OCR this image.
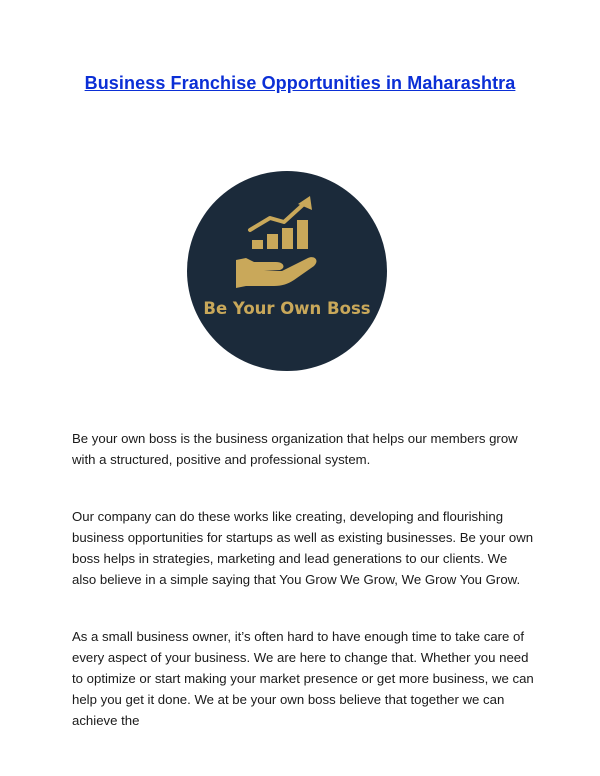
Business Franchise Opportunities in Maharashtra
Be Your Own Boss

Be your own boss is the business organization that helps our members grow with a structured, positive and professional system.

Our company can do these works like creating, developing and flourishing business opportunities for startups as well as existing businesses. Be your own boss helps in strategies, marketing and lead generations to our clients. We also believe in a simple saying that You Grow We Grow, We Grow You Grow.

As a small business owner, it’s often hard to have enough time to take care of every aspect of your business. We are here to change that. Whether you need to optimize or start making your market presence or get more business, we can help you get it done. We at be your own boss believe that together we can achieve the
